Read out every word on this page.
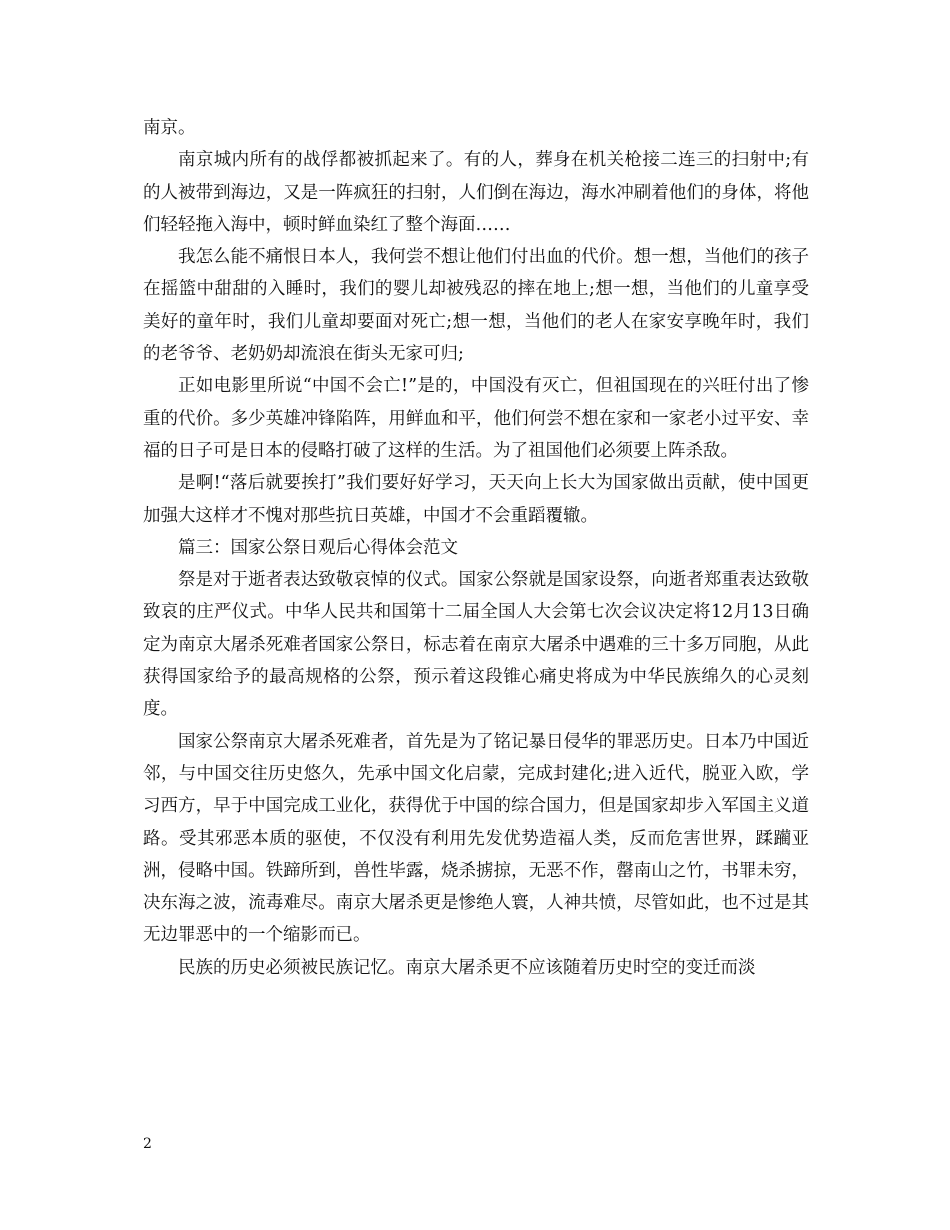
南京。

南京城内所有的战俘都被抓起来了。有的人，葬身在机关枪接二连三的扫射中;有的人被带到海边，又是一阵疯狂的扫射，人们倒在海边，海水冲刷着他们的身体，将他们轻轻拖入海中，顿时鲜血染红了整个海面……

我怎么能不痛恨日本人，我何尝不想让他们付出血的代价。想一想，当他们的孩子在摇篮中甜甜的入睡时，我们的婴儿却被残忍的摔在地上;想一想，当他们的儿童享受美好的童年时，我们儿童却要面对死亡;想一想，当他们的老人在家安享晚年时，我们的老爷爷、老奶奶却流浪在街头无家可归;

正如电影里所说“中国不会亡!”是的，中国没有灭亡，但祖国现在的兴旺付出了惨重的代价。多少英雄冲锋陷阵，用鲜血和平，他们何尝不想在家和一家老小过平安、幸福的日子可是日本的侵略打破了这样的生活。为了祖国他们必须要上阵杀敌。

是啊!“落后就要挨打”我们要好好学习，天天向上长大为国家做出贡献，使中国更加强大这样才不愧对那些抗日英雄，中国才不会重蹈覆辙。

篇三：国家公祭日观后心得体会范文

祭是对于逝者表达致敬哀悼的仪式。国家公祭就是国家设祭，向逝者郑重表达致敬致哀的庄严仪式。中华人民共和国第十二届全国人大会第七次会议决定将12月13日确定为南京大屠杀死难者国家公祭日，标志着在南京大屠杀中遇难的三十多万同胞，从此获得国家给予的最高规格的公祭，预示着这段锥心痛史将成为中华民族绵久的心灵刻度。

国家公祭南京大屠杀死难者，首先是为了铭记暴日侵华的罪恶历史。日本乃中国近邻，与中国交往历史悠久，先承中国文化启蒙，完成封建化;进入近代，脱亚入欧，学习西方，早于中国完成工业化，获得优于中国的综合国力，但是国家却步入军国主义道路。受其邪恶本质的驱使，不仅没有利用先发优势造福人类，反而危害世界，蹂躏亚洲，侵略中国。铁蹄所到，兽性毕露，烧杀掳掠，无恶不作，罄南山之竹，书罪未穷，决东海之波，流毒难尽。南京大屠杀更是惨绝人寰，人神共愤，尽管如此，也不过是其无边罪恶中的一个缩影而已。

民族的历史必须被民族记忆。南京大屠杀更不应该随着历史时空的变迁而淡

2
